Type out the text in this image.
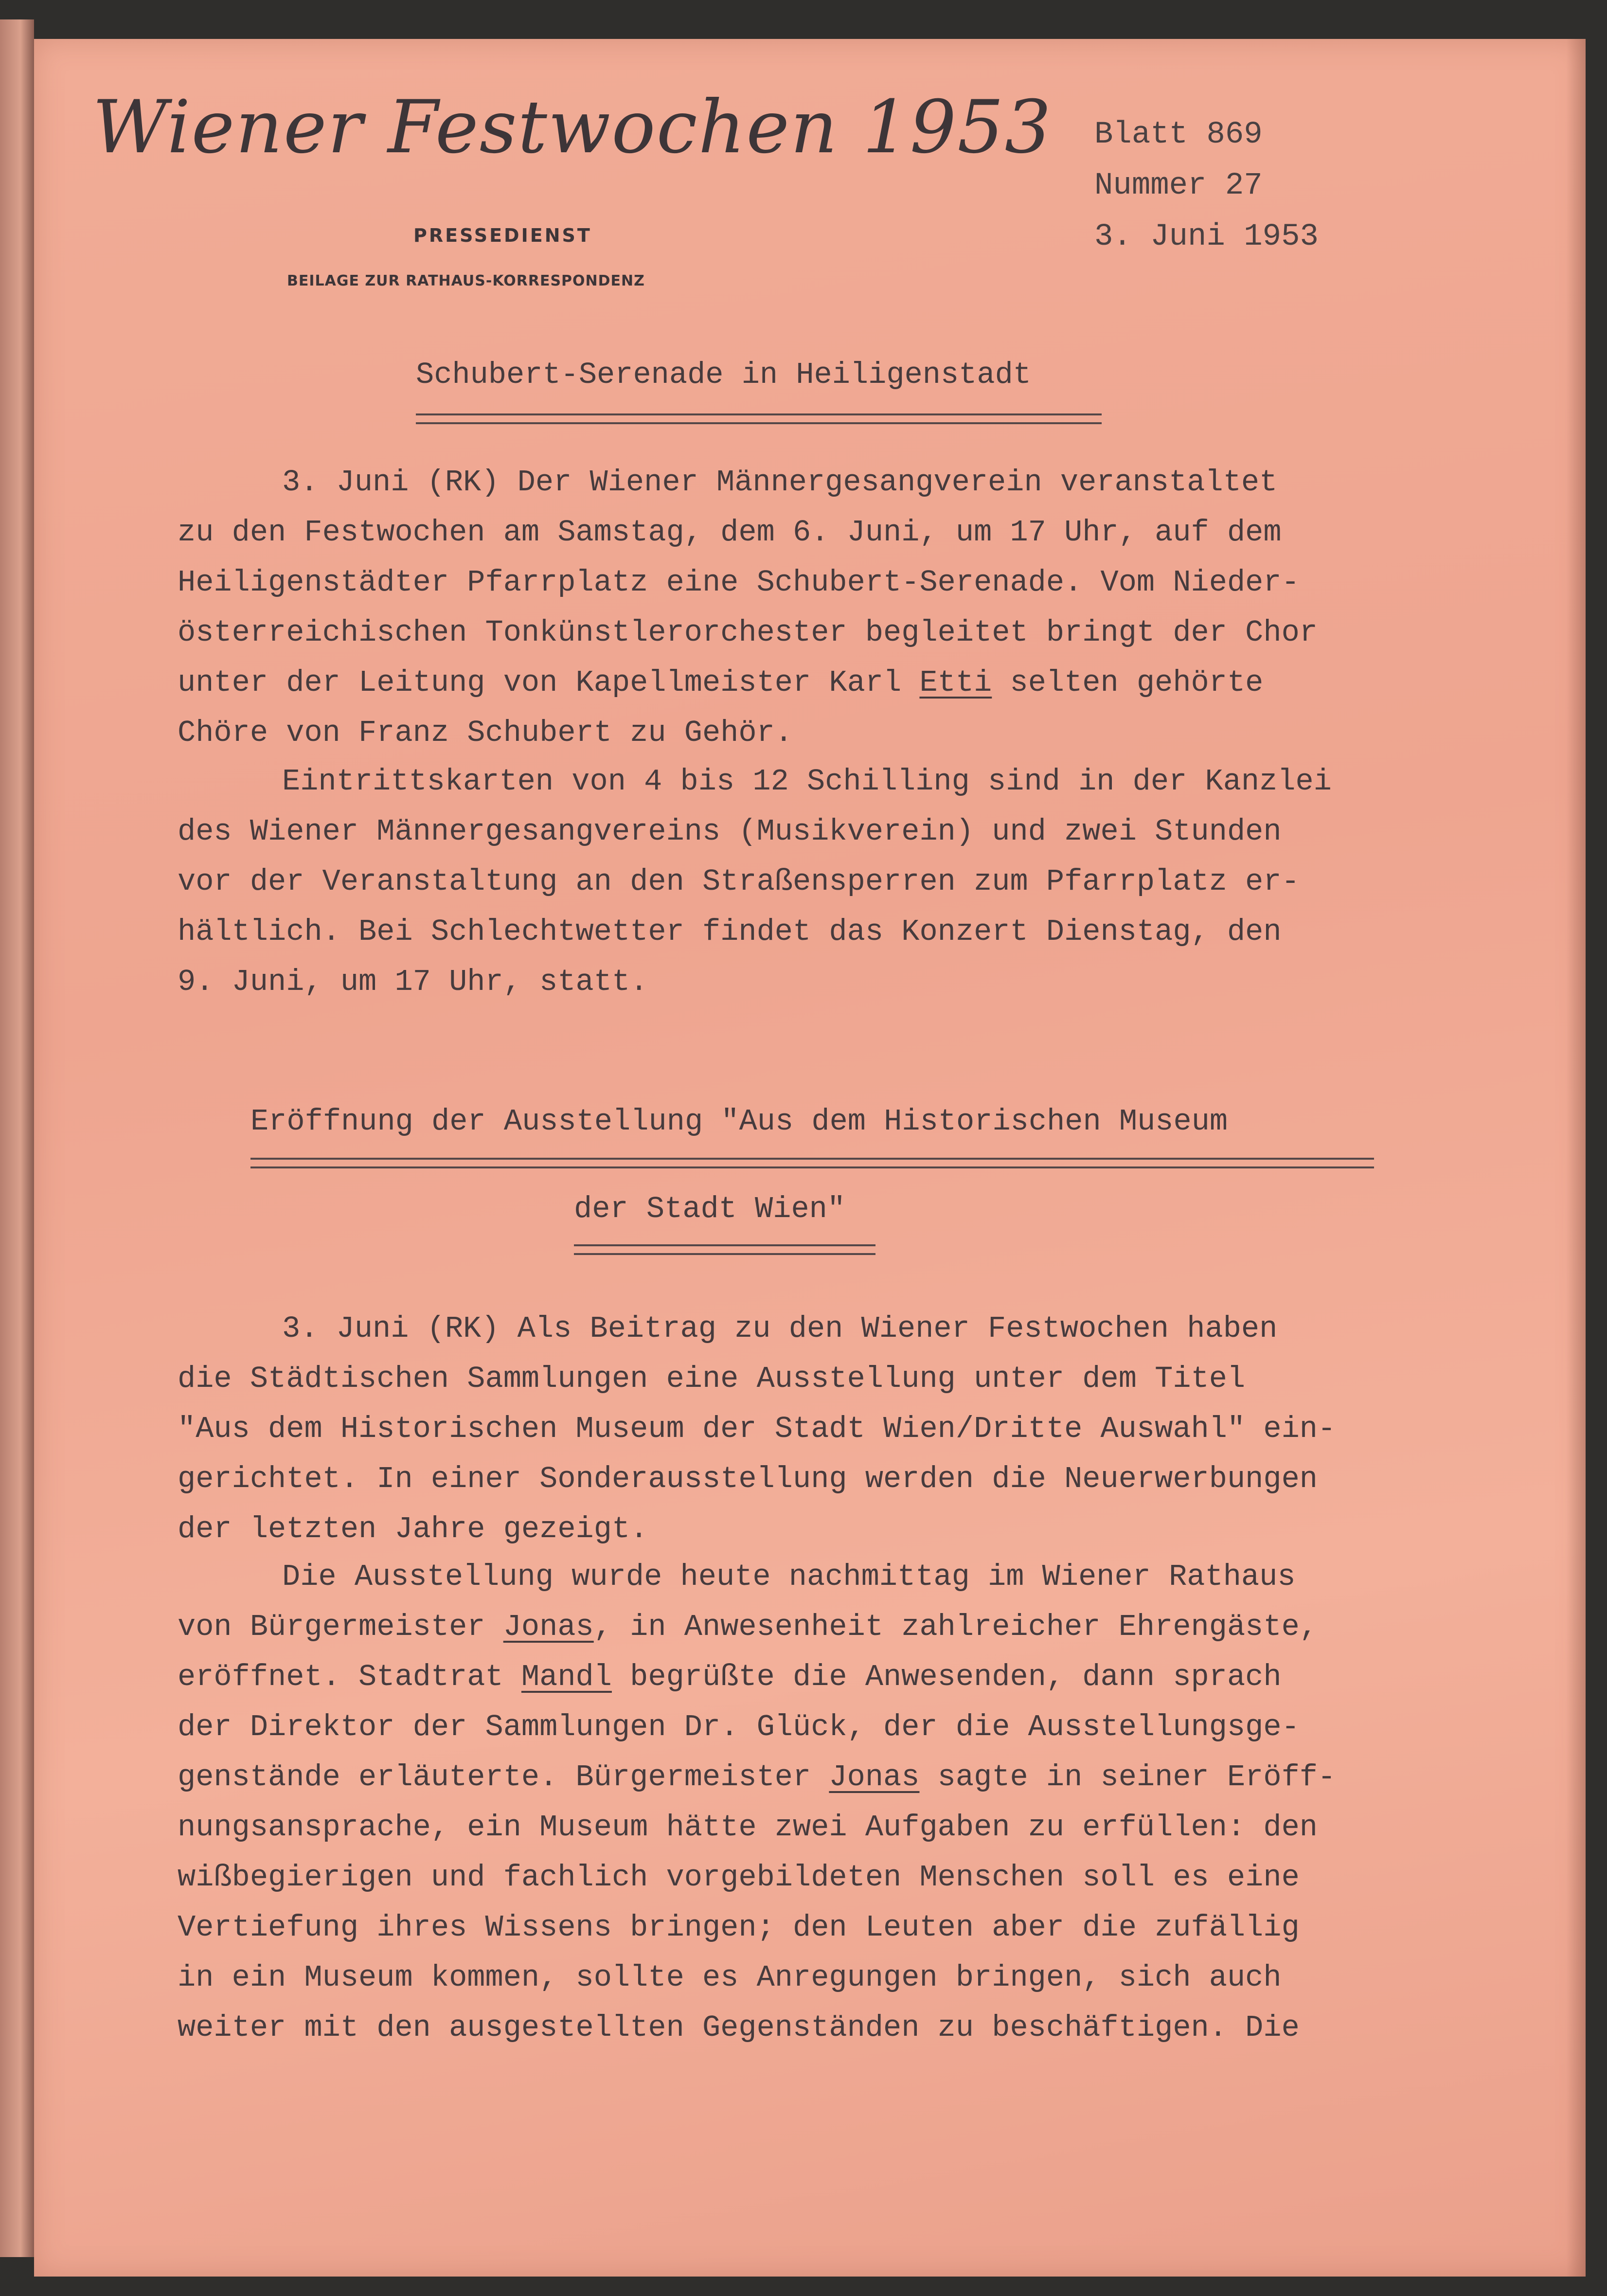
Wiener Festwochen 1953
PRESSEDIENST
BEILAGE ZUR RATHAUS-KORRESPONDENZ
Blatt 869
Nummer 27
3. Juni 1953
Schubert-Serenade in Heiligenstadt
3. Juni (RK) Der Wiener Männergesangverein veranstaltet
zu den Festwochen am Samstag, dem 6. Juni, um 17 Uhr, auf dem
Heiligenstädter Pfarrplatz eine Schubert-Serenade. Vom Nieder-
österreichischen Tonkünstlerorchester begleitet bringt der Chor
unter der Leitung von Kapellmeister Karl Etti selten gehörte
Chöre von Franz Schubert zu Gehör.
Eintrittskarten von 4 bis 12 Schilling sind in der Kanzlei
des Wiener Männergesangvereins (Musikverein) und zwei Stunden
vor der Veranstaltung an den Straßensperren zum Pfarrplatz er-
hältlich. Bei Schlechtwetter findet das Konzert Dienstag, den
9. Juni, um 17 Uhr, statt.
Eröffnung der Ausstellung "Aus dem Historischen Museum
der Stadt Wien"
3. Juni (RK) Als Beitrag zu den Wiener Festwochen haben
die Städtischen Sammlungen eine Ausstellung unter dem Titel
"Aus dem Historischen Museum der Stadt Wien/Dritte Auswahl" ein-
gerichtet. In einer Sonderausstellung werden die Neuerwerbungen
der letzten Jahre gezeigt.
Die Ausstellung wurde heute nachmittag im Wiener Rathaus
von Bürgermeister Jonas, in Anwesenheit zahlreicher Ehrengäste,
eröffnet. Stadtrat Mandl begrüßte die Anwesenden, dann sprach
der Direktor der Sammlungen Dr. Glück, der die Ausstellungsge-
genstände erläuterte. Bürgermeister Jonas sagte in seiner Eröff-
nungsansprache, ein Museum hätte zwei Aufgaben zu erfüllen: den
wißbegierigen und fachlich vorgebildeten Menschen soll es eine
Vertiefung ihres Wissens bringen; den Leuten aber die zufällig
in ein Museum kommen, sollte es Anregungen bringen, sich auch
weiter mit den ausgestellten Gegenständen zu beschäftigen. Die
